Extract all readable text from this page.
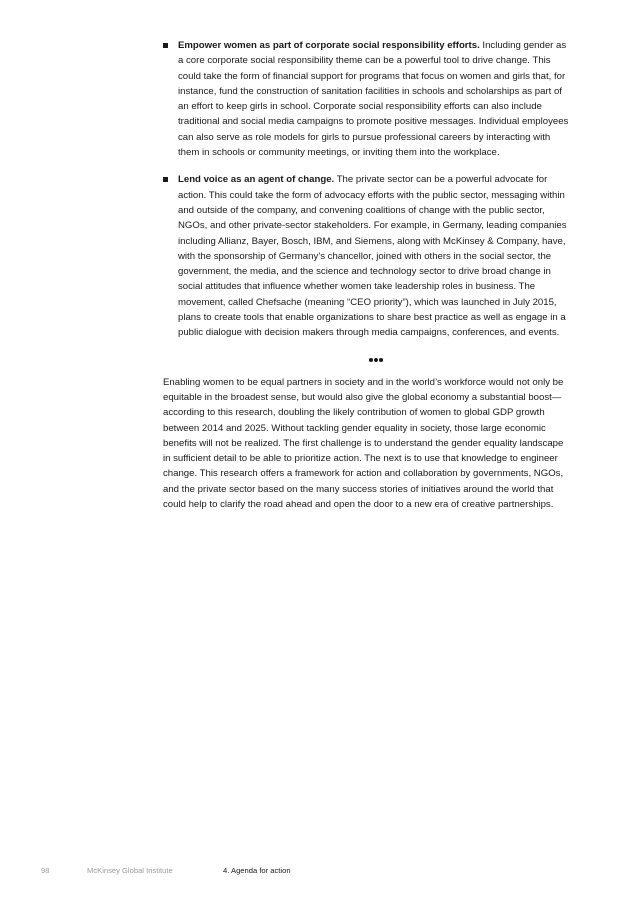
Empower women as part of corporate social responsibility efforts. Including gender as a core corporate social responsibility theme can be a powerful tool to drive change. This could take the form of financial support for programs that focus on women and girls that, for instance, fund the construction of sanitation facilities in schools and scholarships as part of an effort to keep girls in school. Corporate social responsibility efforts can also include traditional and social media campaigns to promote positive messages. Individual employees can also serve as role models for girls to pursue professional careers by interacting with them in schools or community meetings, or inviting them into the workplace.
Lend voice as an agent of change. The private sector can be a powerful advocate for action. This could take the form of advocacy efforts with the public sector, messaging within and outside of the company, and convening coalitions of change with the public sector, NGOs, and other private-sector stakeholders. For example, in Germany, leading companies including Allianz, Bayer, Bosch, IBM, and Siemens, along with McKinsey & Company, have, with the sponsorship of Germany’s chancellor, joined with others in the social sector, the government, the media, and the science and technology sector to drive broad change in social attitudes that influence whether women take leadership roles in business. The movement, called Chefsache (meaning “CEO priority”), which was launched in July 2015, plans to create tools that enable organizations to share best practice as well as engage in a public dialogue with decision makers through media campaigns, conferences, and events.

Enabling women to be equal partners in society and in the world’s workforce would not only be equitable in the broadest sense, but would also give the global economy a substantial boost—according to this research, doubling the likely contribution of women to global GDP growth between 2014 and 2025. Without tackling gender equality in society, those large economic benefits will not be realized. The first challenge is to understand the gender equality landscape in sufficient detail to be able to prioritize action. The next is to use that knowledge to engineer change. This research offers a framework for action and collaboration by governments, NGOs, and the private sector based on the many success stories of initiatives around the world that could help to clarify the road ahead and open the door to a new era of creative partnerships.

98	McKinsey Global Institute	4. Agenda for action
